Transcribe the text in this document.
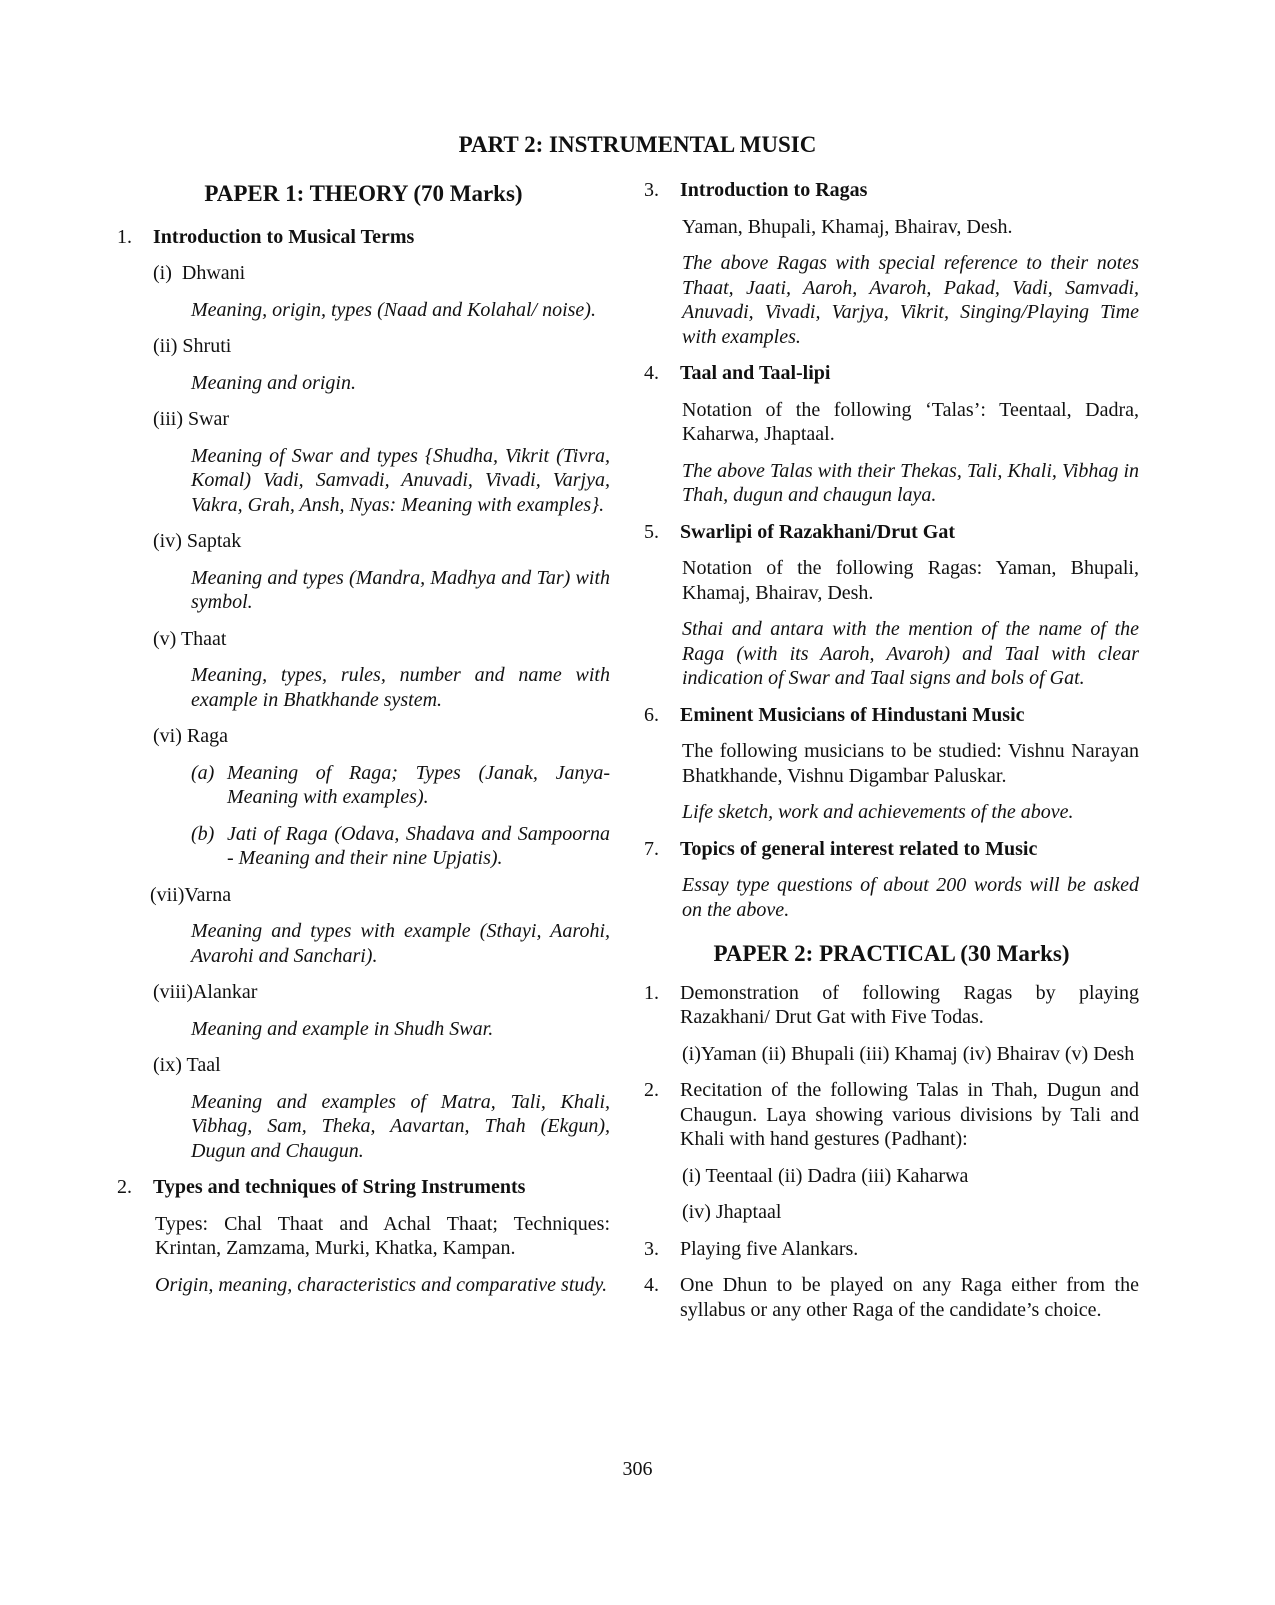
PART 2: INSTRUMENTAL MUSIC
PAPER 1: THEORY (70 Marks)
1.	Introduction to Musical Terms
(i)  Dhwani
Meaning, origin, types (Naad and Kolahal/ noise).
(ii) Shruti
Meaning and origin.
(iii) Swar
Meaning of Swar and types {Shudha, Vikrit (Tivra, Komal) Vadi, Samvadi, Anuvadi, Vivadi, Varjya, Vakra, Grah, Ansh, Nyas: Meaning with examples}.
(iv) Saptak
Meaning and types (Mandra, Madhya and Tar) with symbol.
(v) Thaat
Meaning, types, rules, number and name with example in Bhatkhande system.
(vi) Raga
(a) Meaning of Raga; Types (Janak, Janya- Meaning with examples).
(b) Jati of Raga (Odava, Shadava and Sampoorna - Meaning and their nine Upjatis).
(vii)Varna
Meaning and types with example (Sthayi, Aarohi, Avarohi and Sanchari).
(viii)Alankar
Meaning and example in Shudh Swar.
(ix) Taal
Meaning and examples of Matra, Tali, Khali, Vibhag, Sam, Theka, Aavartan, Thah (Ekgun), Dugun and Chaugun.
2.	Types and techniques of String Instruments
Types: Chal Thaat and Achal Thaat; Techniques: Krintan, Zamzama, Murki, Khatka, Kampan.
Origin, meaning, characteristics and comparative study.
3.	Introduction to Ragas
Yaman, Bhupali, Khamaj, Bhairav, Desh.
The above Ragas with special reference to their notes Thaat, Jaati, Aaroh, Avaroh, Pakad, Vadi, Samvadi, Anuvadi, Vivadi, Varjya, Vikrit, Singing/Playing Time with examples.
4.	Taal and Taal-lipi
Notation of the following ‘Talas’: Teentaal, Dadra, Kaharwa, Jhaptaal.
The above Talas with their Thekas, Tali, Khali, Vibhag in Thah, dugun and chaugun laya.
5.	Swarlipi of Razakhani/Drut Gat
Notation of the following Ragas: Yaman, Bhupali, Khamaj, Bhairav, Desh.
Sthai and antara with the mention of the name of the Raga (with its Aaroh, Avaroh) and Taal with clear indication of Swar and Taal signs and bols of Gat.
6.	Eminent Musicians of Hindustani Music
The following musicians to be studied: Vishnu Narayan Bhatkhande, Vishnu Digambar Paluskar.
Life sketch, work and achievements of the above.
7.	Topics of general interest related to Music
Essay type questions of about 200 words will be asked on the above.
PAPER 2: PRACTICAL (30 Marks)
1.	Demonstration of following Ragas by playing Razakhani/ Drut Gat with Five Todas.
(i)Yaman (ii) Bhupali (iii) Khamaj (iv) Bhairav (v) Desh
2.	Recitation of the following Talas in Thah, Dugun and Chaugun. Laya showing various divisions by Tali and Khali with hand gestures (Padhant):
(i) Teentaal (ii) Dadra (iii) Kaharwa
(iv) Jhaptaal
3.	Playing five Alankars.
4.	One Dhun to be played on any Raga either from the syllabus or any other Raga of the candidate’s choice.
306
